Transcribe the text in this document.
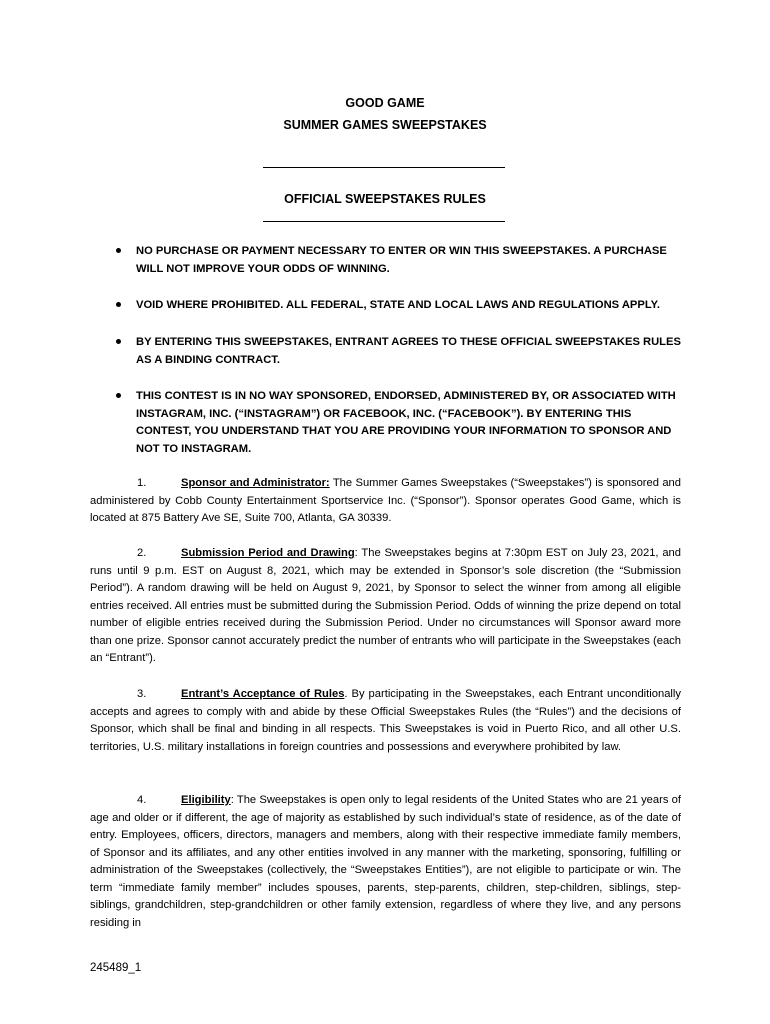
GOOD GAME
SUMMER GAMES SWEEPSTAKES
OFFICIAL SWEEPSTAKES RULES
NO PURCHASE OR PAYMENT NECESSARY TO ENTER OR WIN THIS SWEEPSTAKES. A PURCHASE WILL NOT IMPROVE YOUR ODDS OF WINNING.
VOID WHERE PROHIBITED. ALL FEDERAL, STATE AND LOCAL LAWS AND REGULATIONS APPLY.
BY ENTERING THIS SWEEPSTAKES, ENTRANT AGREES TO THESE OFFICIAL SWEEPSTAKES RULES AS A BINDING CONTRACT.
THIS CONTEST IS IN NO WAY SPONSORED, ENDORSED, ADMINISTERED BY, OR ASSOCIATED WITH INSTAGRAM, INC. (“INSTAGRAM”) OR FACEBOOK, INC. (“FACEBOOK”). BY ENTERING THIS CONTEST, YOU UNDERSTAND THAT YOU ARE PROVIDING YOUR INFORMATION TO SPONSOR AND NOT TO INSTAGRAM.
1.	Sponsor and Administrator: The Summer Games Sweepstakes (“Sweepstakes”) is sponsored and administered by Cobb County Entertainment Sportservice Inc. (“Sponsor”). Sponsor operates Good Game, which is located at 875 Battery Ave SE, Suite 700, Atlanta, GA 30339.
2.	Submission Period and Drawing: The Sweepstakes begins at 7:30pm EST on July 23, 2021, and runs until 9 p.m. EST on August 8, 2021, which may be extended in Sponsor’s sole discretion (the “Submission Period”). A random drawing will be held on August 9, 2021, by Sponsor to select the winner from among all eligible entries received. All entries must be submitted during the Submission Period. Odds of winning the prize depend on total number of eligible entries received during the Submission Period. Under no circumstances will Sponsor award more than one prize. Sponsor cannot accurately predict the number of entrants who will participate in the Sweepstakes (each an “Entrant”).
3.	Entrant’s Acceptance of Rules. By participating in the Sweepstakes, each Entrant unconditionally accepts and agrees to comply with and abide by these Official Sweepstakes Rules (the “Rules”) and the decisions of Sponsor, which shall be final and binding in all respects. This Sweepstakes is void in Puerto Rico, and all other U.S. territories, U.S. military installations in foreign countries and possessions and everywhere prohibited by law.
4.	Eligibility: The Sweepstakes is open only to legal residents of the United States who are 21 years of age and older or if different, the age of majority as established by such individual’s state of residence, as of the date of entry. Employees, officers, directors, managers and members, along with their respective immediate family members, of Sponsor and its affiliates, and any other entities involved in any manner with the marketing, sponsoring, fulfilling or administration of the Sweepstakes (collectively, the “Sweepstakes Entities”), are not eligible to participate or win. The term “immediate family member” includes spouses, parents, step-parents, children, step-children, siblings, step-siblings, grandchildren, step-grandchildren or other family extension, regardless of where they live, and any persons residing in
245489_1
